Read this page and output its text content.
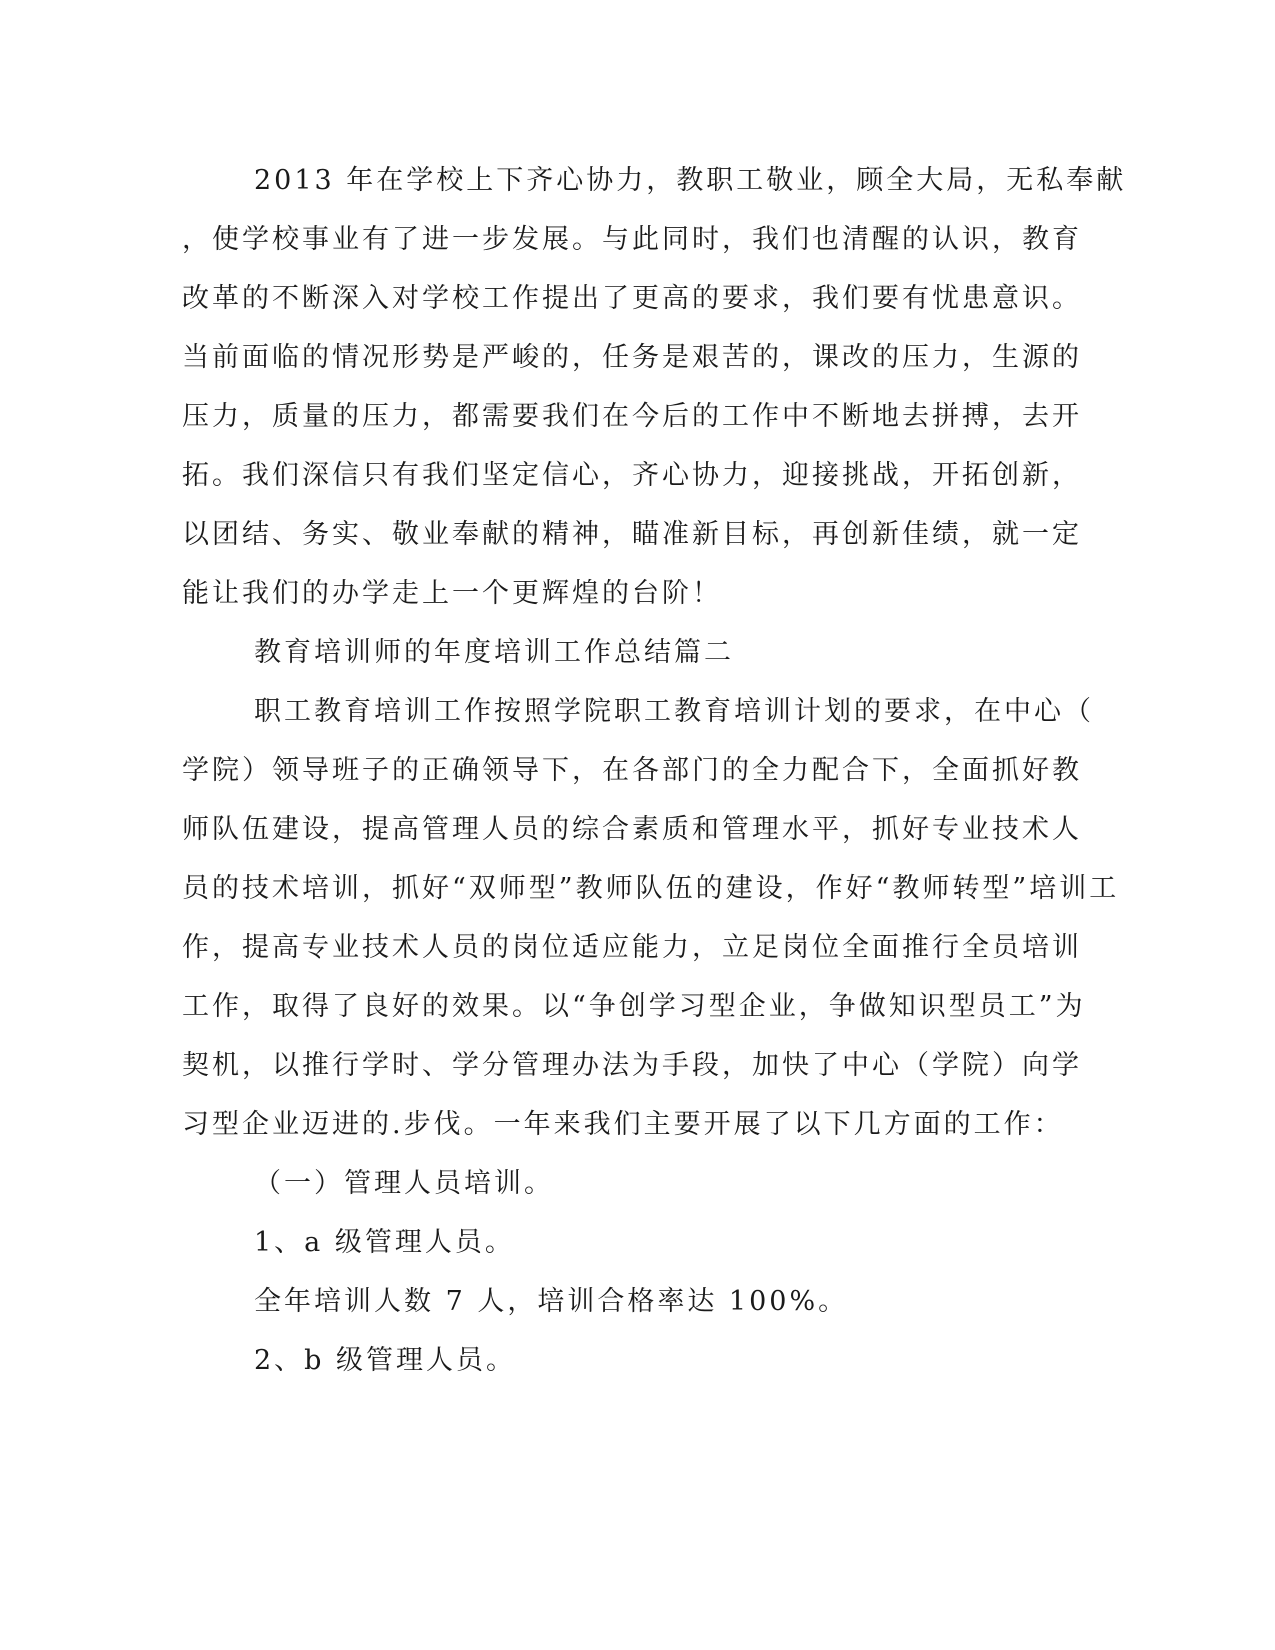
2013 年在学校上下齐心协力，教职工敬业，顾全大局，无私奉献
，使学校事业有了进一步发展。与此同时，我们也清醒的认识，教育
改革的不断深入对学校工作提出了更高的要求，我们要有忧患意识。
当前面临的情况形势是严峻的，任务是艰苦的，课改的压力，生源的
压力，质量的压力，都需要我们在今后的工作中不断地去拼搏，去开
拓。我们深信只有我们坚定信心，齐心协力，迎接挑战，开拓创新，
以团结、务实、敬业奉献的精神，瞄准新目标，再创新佳绩，就一定
能让我们的办学走上一个更辉煌的台阶！
教育培训师的年度培训工作总结篇二
职工教育培训工作按照学院职工教育培训计划的要求，在中心（
学院）领导班子的正确领导下，在各部门的全力配合下，全面抓好教
师队伍建设，提高管理人员的综合素质和管理水平，抓好专业技术人
员的技术培训，抓好“双师型”教师队伍的建设，作好“教师转型”培训工
作，提高专业技术人员的岗位适应能力，立足岗位全面推行全员培训
工作，取得了良好的效果。以“争创学习型企业，争做知识型员工”为
契机，以推行学时、学分管理办法为手段，加快了中心（学院）向学
习型企业迈进的.步伐。一年来我们主要开展了以下几方面的工作：
（一）管理人员培训。
1、a 级管理人员。
全年培训人数 7 人，培训合格率达 100%。
2、b 级管理人员。
